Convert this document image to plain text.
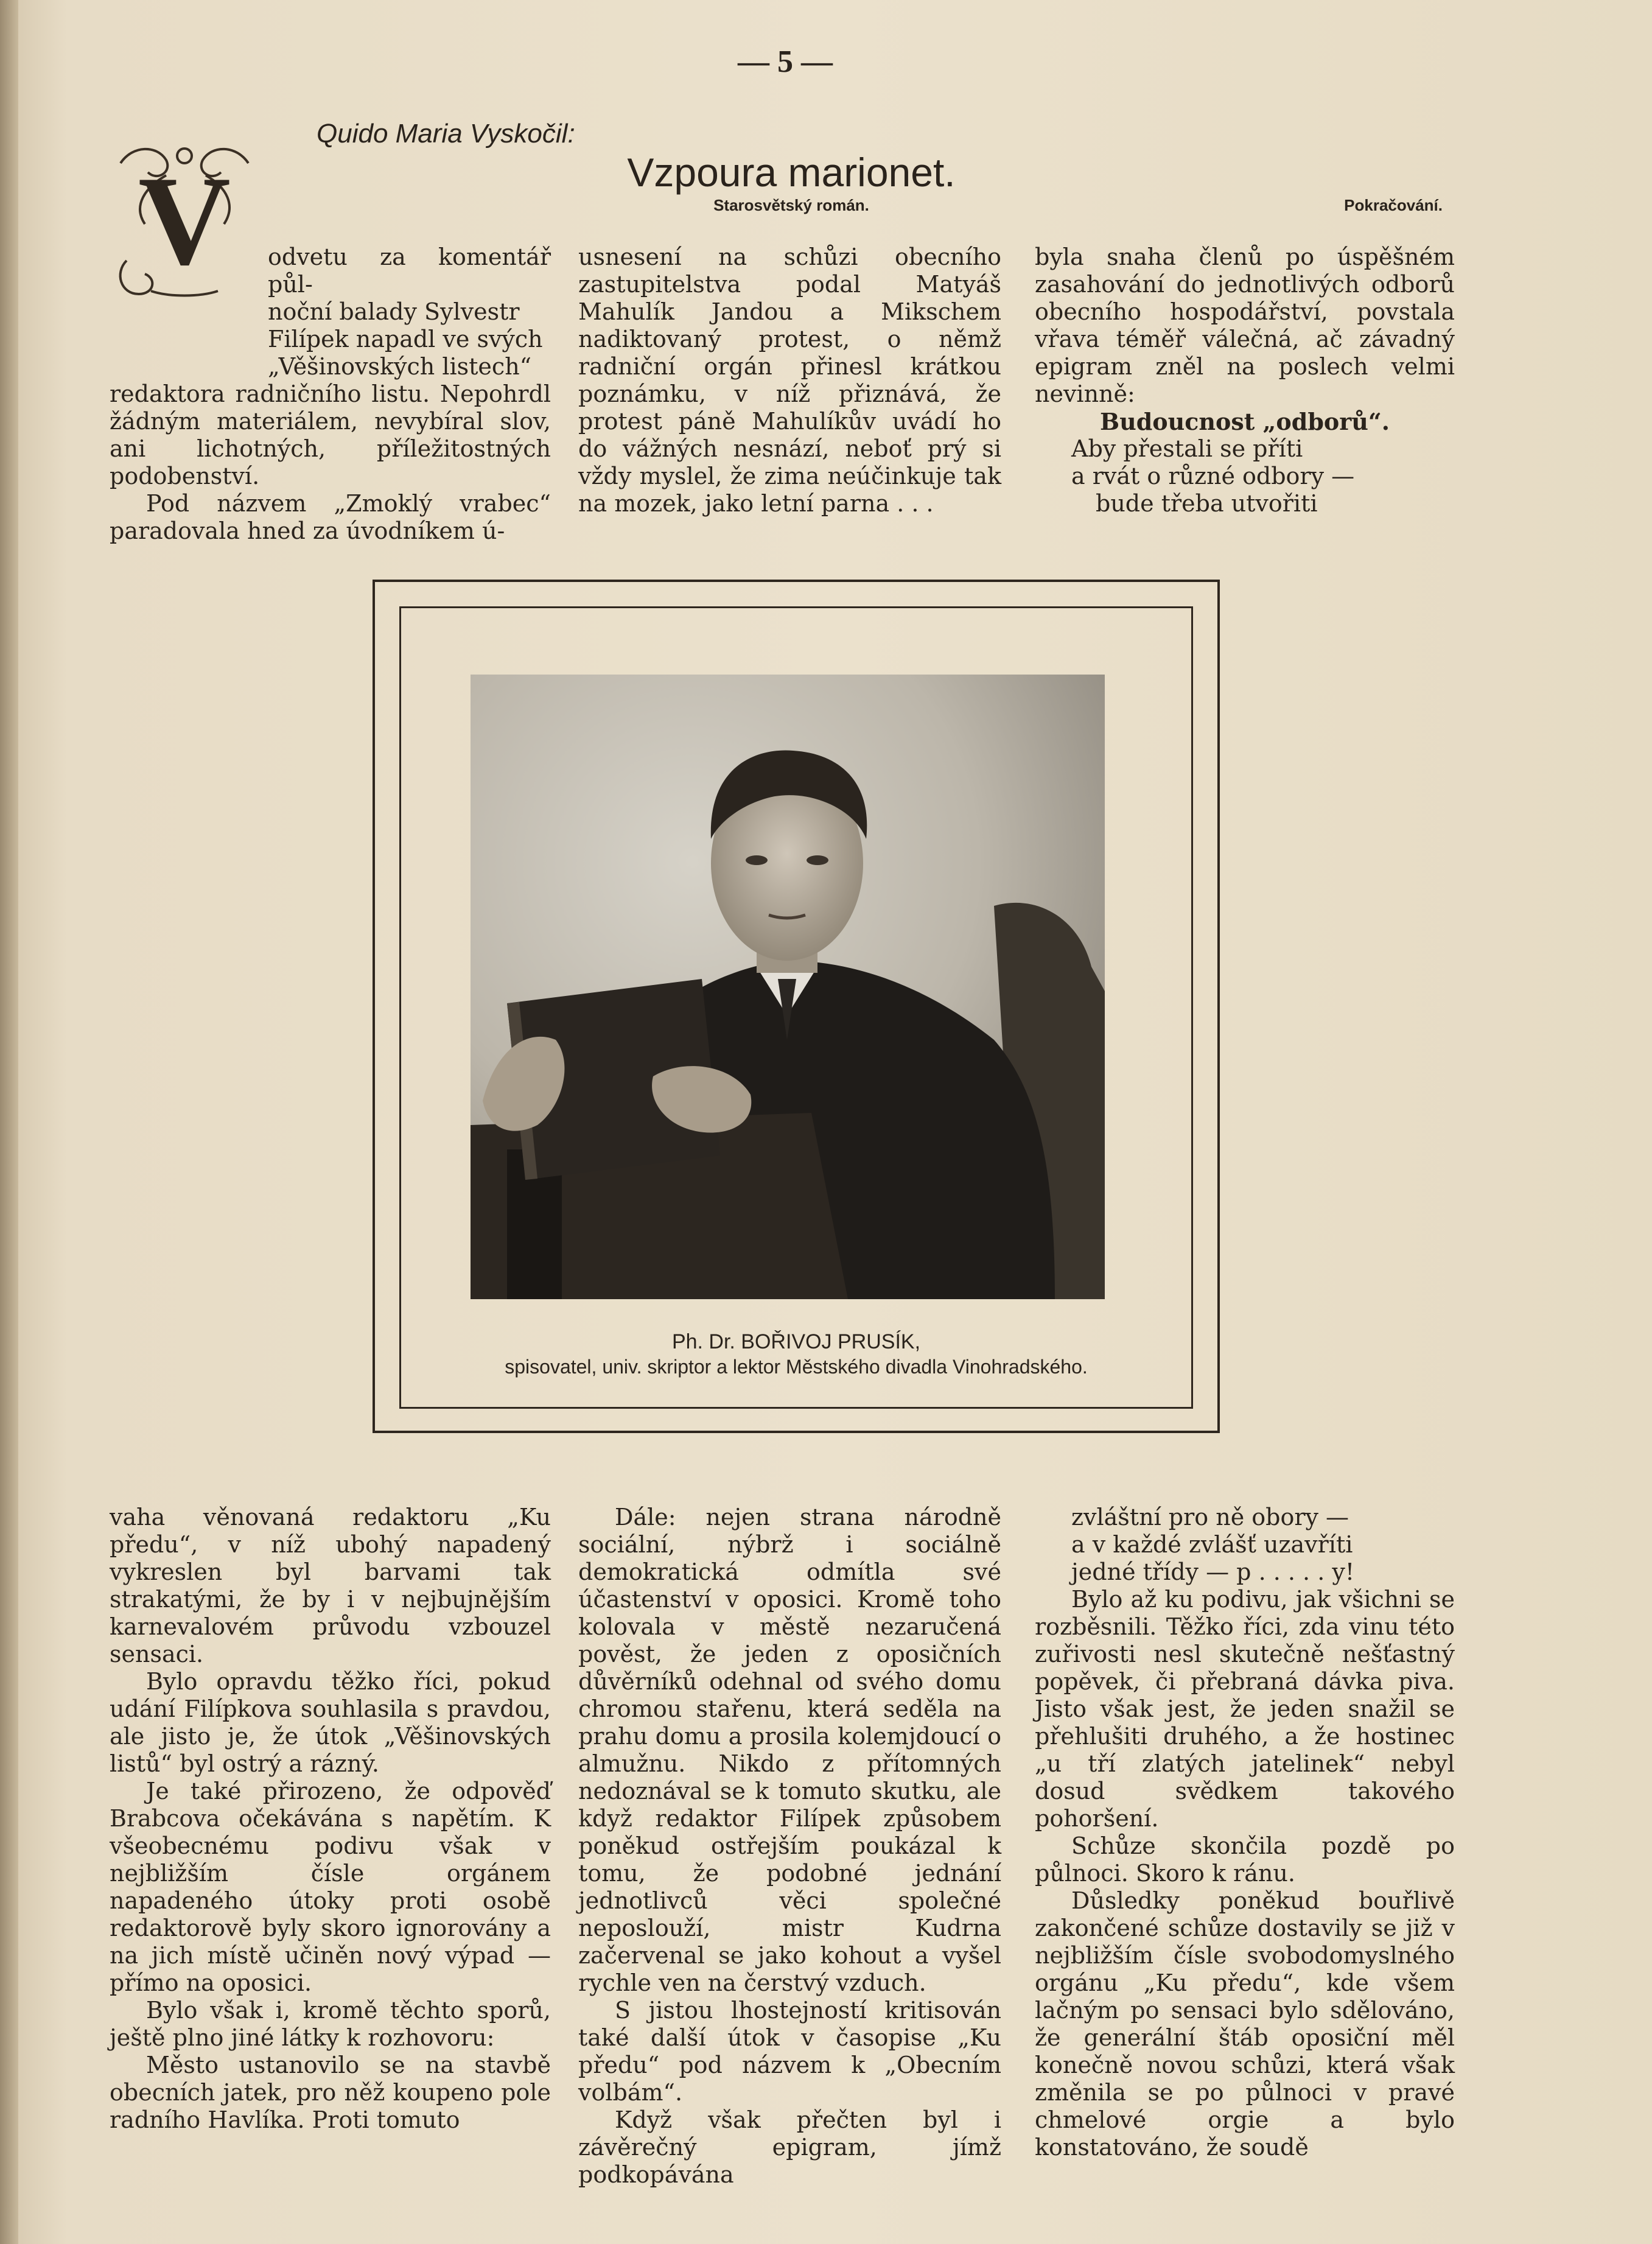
— 5 —
Quido Maria Vyskočil:
Vzpoura marionet.
Starosvětský román.	Pokračování.
V	odvetu za komentář půl-

noční balady Sylvestr

Filípek napadl ve svých

„Věšinovských listech“

redaktora radničního listu. Nepohrdl žádným materiálem, nevybíral slov, ani lichotných, příležitostných podobenství.

Pod názvem „Zmoklý vrabec“ paradovala hned za úvodníkem ú-

usnesení na schůzi obecního zastupitelstva podal Matyáš Mahulík Jandou a Mikschem nadiktovaný protest, o němž radniční orgán přinesl krátkou poznámku, v níž přiznává, že protest páně Mahulíkův uvádí ho do vážných nesnází, neboť prý si vždy myslel, že zima neúčinkuje tak na mozek, jako letní parna . . .

byla snaha členů po úspěšném zasahování do jednotlivých odborů obecního hospodářství, povstala vřava téměř válečná, ač závadný epigram zněl na poslech velmi nevinně:

Budoucnost „odborů“.

Aby přestali se příti

a rvát o různé odbory —

bude třeba utvořiti

Ph. Dr. BOŘIVOJ PRUSÍK,
spisovatel, univ. skriptor a lektor Městského divadla Vinohradského.

vaha věnovaná redaktoru „Ku předu“, v níž ubohý napadený vykreslen byl barvami tak strakatými, že by i v nejbujnějším karnevalovém průvodu vzbouzel sensaci.

Bylo opravdu těžko říci, pokud udání Filípkova souhlasila s pravdou, ale jisto je, že útok „Věšinovských listů“ byl ostrý a rázný.

Je také přirozeno, že odpověď Brabcova očekávána s napětím. K všeobecnému podivu však v nejbližším čísle orgánem napadeného útoky proti osobě redaktorově byly skoro ignorovány a na jich místě učiněn nový výpad — přímo na oposici.

Bylo však i, kromě těchto sporů, ještě plno jiné látky k rozhovoru:

Město ustanovilo se na stavbě obecních jatek, pro něž koupeno pole radního Havlíka. Proti tomuto

Dále: nejen strana národně sociální, nýbrž i sociálně demokratická odmítla své účastenství v oposici. Kromě toho kolovala v městě nezaručená pověst, že jeden z oposičních důvěrníků odehnal od svého domu chromou stařenu, která seděla na prahu domu a prosila kolemjdoucí o almužnu. Nikdo z přítomných nedoznával se k tomuto skutku, ale když redaktor Filípek způsobem poněkud ostřejším poukázal k tomu, že podobné jednání jednotlivců věci společné neposlouží, mistr Kudrna začervenal se jako kohout a vyšel rychle ven na čerstvý vzduch.

S jistou lhostejností kritisován také další útok v časopise „Ku předu“ pod názvem k „Obecním volbám“.

Když však přečten byl i závěrečný epigram, jímž podkopávána

zvláštní pro ně obory —

a v každé zvlášť uzavříti

jedné třídy — p . . . . . y!

Bylo až ku podivu, jak všichni se rozběsnili. Těžko říci, zda vinu této zuřivosti nesl skutečně nešťastný popěvek, či přebraná dávka piva. Jisto však jest, že jeden snažil se přehlušiti druhého, a že hostinec „u tří zlatých jatelinek“ nebyl dosud svědkem takového pohoršení.

Schůze skončila pozdě po půlnoci. Skoro k ránu.

Důsledky poněkud bouřlivě zakončené schůze dostavily se již v nejbližším čísle svobodomyslného orgánu „Ku předu“, kde všem lačným po sensaci bylo sdělováno, že generální štáb oposiční měl konečně novou schůzi, která však změnila se po půlnoci v pravé chmelové orgie a bylo konstatováno, že soudě
